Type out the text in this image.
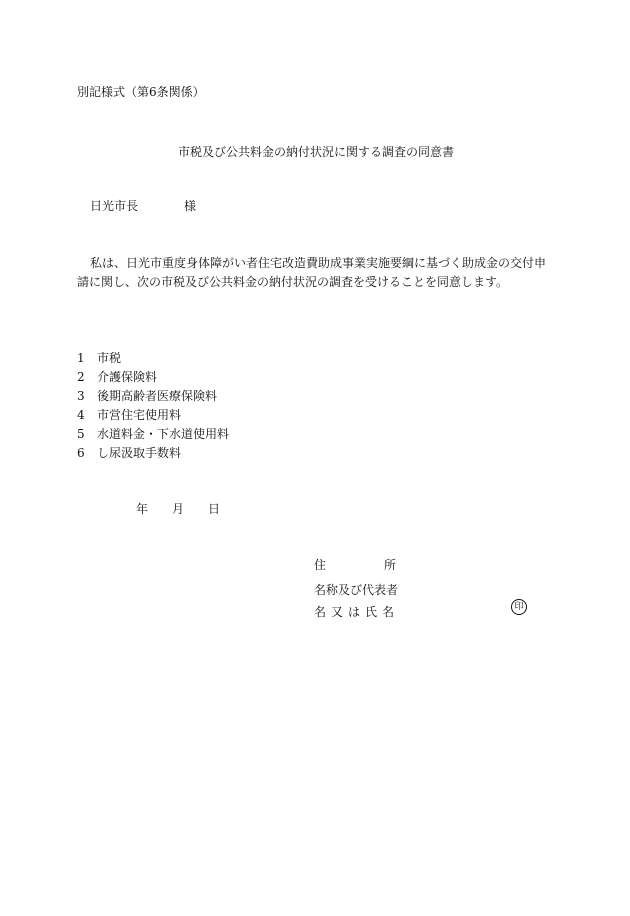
別記様式（第6条関係）
市税及び公共料金の納付状況に関する調査の同意書
日光市長	様
私は、日光市重度身体障がい者住宅改造費助成事業実施要綱に基づく助成金の交付申請に関し、次の市税及び公共料金の納付状況の調査を受けることを同意します。
1 市税
2 介護保険料
3 後期高齢者医療保険料
4 市営住宅使用料
5 水道料金・下水道使用料
6 し尿汲取手数料
年 月 日
住	所
名称及び代表者
名又は氏名	印
